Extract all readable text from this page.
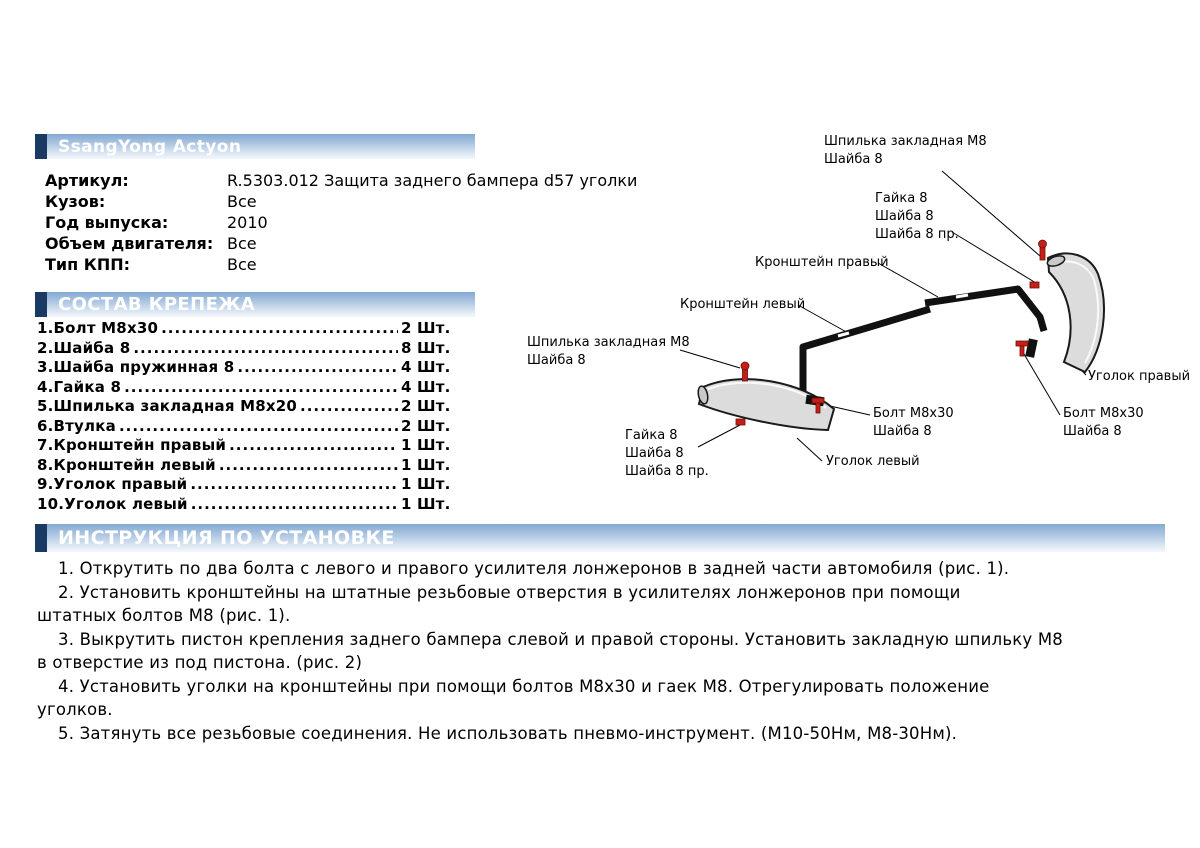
SsangYong Actyon
Артикул:	R.5303.012 Защита заднего бампера d57 уголки
Кузов:	Все
Год выпуска:	2010
Объем двигателя: Все
Тип КПП:	Все
СОСТАВ КРЕПЕЖА
1.Болт М8х30 .....	2 Шт.
2.Шайба 8 .....	8 Шт.
3.Шайба пружинная 8 .....	4 Шт.
4.Гайка 8 .....	4 Шт.
5.Шпилька закладная М8х20 .....	2 Шт.
6.Втулка .....	2 Шт.
7.Кронштейн правый .....	1 Шт.
8.Кронштейн левый .....	1 Шт.
9.Уголок правый .....	1 Шт.
10.Уголок левый .....	1 Шт.
Шпилька закладная М8
Шайба 8
Гайка 8
Шайба 8
Шайба 8 пр.
Кронштейн правый
Кронштейн левый
Шпилька закладная М8
Шайба 8
Болт М8х30
Шайба 8
Гайка 8
Шайба 8
Шайба 8 пр.
Уголок левый
Уголок правый
Болт М8х30
Шайба 8
ИНСТРУКЦИЯ ПО УСТАНОВКЕ
1. Открутить по два болта с левого и правого усилителя лонжеронов в задней части автомобиля (рис. 1).
2. Установить кронштейны на штатные резьбовые отверстия в усилителях лонжеронов при помощи
штатных болтов М8 (рис. 1).
3. Выкрутить пистон крепления заднего бампера слевой и правой стороны. Установить закладную шпильку М8
в отверстие из под пистона. (рис. 2)
4. Установить уголки на кронштейны при помощи болтов М8х30 и гаек М8. Отрегулировать положение
уголков.
5. Затянуть все резьбовые соединения. Не использовать пневмо-инструмент. (М10-50Нм, М8-30Нм).
